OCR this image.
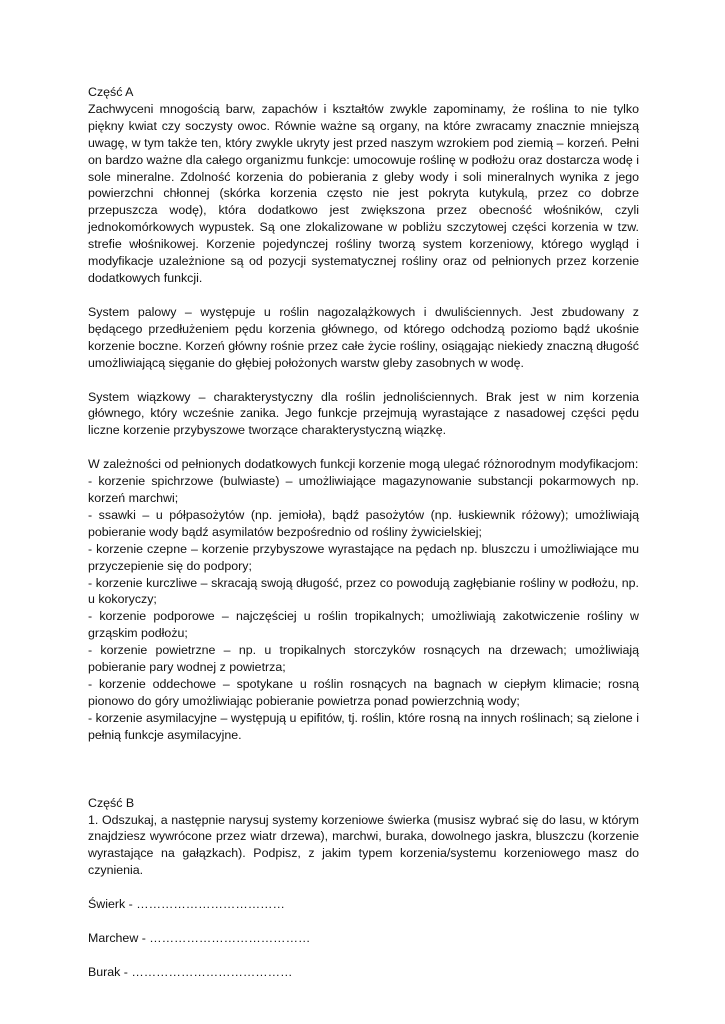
Część A

Zachwyceni mnogością barw, zapachów i kształtów zwykle zapominamy, że roślina to nie tylko piękny kwiat czy soczysty owoc. Równie ważne są organy, na które zwracamy znacznie mniejszą uwagę, w tym także ten, który zwykle ukryty jest przed naszym wzrokiem pod ziemią – korzeń. Pełni on bardzo ważne dla całego organizmu funkcje: umocowuje roślinę w podłożu oraz dostarcza wodę i sole mineralne. Zdolność korzenia do pobierania z gleby wody i soli mineralnych wynika z jego powierzchni chłonnej (skórka korzenia często nie jest pokryta kutykulą, przez co dobrze przepuszcza wodę), która dodatkowo jest zwiększona przez obecność włośników, czyli jednokomórkowych wypustek. Są one zlokalizowane w pobliżu szczytowej części korzenia w tzw. strefie włośnikowej. Korzenie pojedynczej rośliny tworzą system korzeniowy, którego wygląd i modyfikacje uzależnione są od pozycji systematycznej rośliny oraz od pełnionych przez korzenie dodatkowych funkcji.

System palowy – występuje u roślin nagozalążkowych i dwuliściennych. Jest zbudowany z będącego przedłużeniem pędu korzenia głównego, od którego odchodzą poziomo bądź ukośnie korzenie boczne. Korzeń główny rośnie przez całe życie rośliny, osiągając niekiedy znaczną długość umożliwiającą sięganie do głębiej położonych warstw gleby zasobnych w wodę.

System wiązkowy – charakterystyczny dla roślin jednoliściennych. Brak jest w nim korzenia głównego, który wcześnie zanika. Jego funkcje przejmują wyrastające z nasadowej części pędu liczne korzenie przybyszowe tworzące charakterystyczną wiązkę.

W zależności od pełnionych dodatkowych funkcji korzenie mogą ulegać różnorodnym modyfikacjom:
- korzenie spichrzowe (bulwiaste) – umożliwiające magazynowanie substancji pokarmowych np. korzeń marchwi;
- ssawki – u półpasożytów (np. jemioła), bądź pasożytów (np. łuskiewnik różowy); umożliwiają pobieranie wody bądź asymilatów bezpośrednio od rośliny żywicielskiej;
- korzenie czepne – korzenie przybyszowe wyrastające na pędach np. bluszczu i umożliwiające mu przyczepienie się do podpory;
- korzenie kurczliwe – skracają swoją długość, przez co powodują zagłębianie rośliny w podłożu, np. u kokoryczy;
- korzenie podporowe – najczęściej u roślin tropikalnych; umożliwiają zakotwiczenie rośliny w grząskim podłożu;
- korzenie powietrzne – np. u tropikalnych storczyków rosnących na drzewach; umożliwiają pobieranie pary wodnej z powietrza;
- korzenie oddechowe – spotykane u roślin rosnących na bagnach w ciepłym klimacie; rosną pionowo do góry umożliwiając pobieranie powietrza ponad powierzchnią wody;
- korzenie asymilacyjne – występują u epifitów, tj. roślin, które rosną na innych roślinach; są zielone i pełnią funkcje asymilacyjne.
Część B

1. Odszukaj, a następnie narysuj systemy korzeniowe świerka (musisz wybrać się do lasu, w którym znajdziesz wywrócone przez wiatr drzewa), marchwi, buraka, dowolnego jaskra, bluszczu (korzenie wyrastające na gałązkach). Podpisz, z jakim typem korzenia/systemu korzeniowego masz do czynienia.

Świerk - ………………………………
Marchew - …………………………………
Burak - …………………………………
